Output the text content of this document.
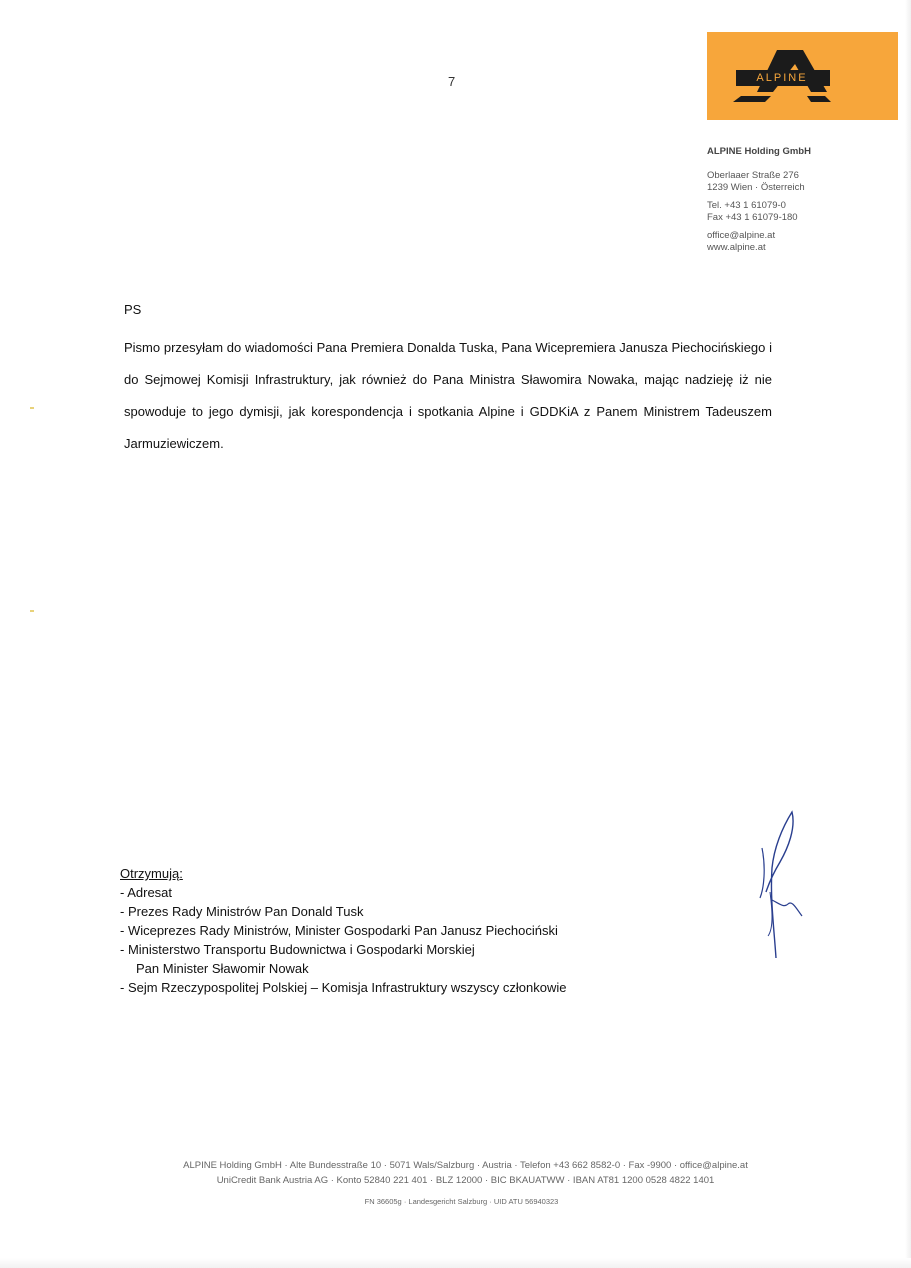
7	ALPINE
ALPINE Holding GmbH
Oberlaaer Straße 276
1239 Wien · Österreich
Tel. +43 1 61079-0
Fax +43 1 61079-180
office@alpine.at
www.alpine.at
PS
Pismo przesyłam do wiadomości Pana Premiera Donalda Tuska, Pana Wicepremiera Janusza Piechocińskiego i do Sejmowej Komisji Infrastruktury, jak również do Pana Ministra Sławomira Nowaka, mając nadzieję iż nie spowoduje to jego dymisji, jak korespondencja i spotkania Alpine i GDDKiA z Panem Ministrem Tadeuszem Jarmuziewiczem.
Otrzymują:
- Adresat
- Prezes Rady Ministrów Pan Donald Tusk
- Wiceprezes Rady Ministrów, Minister Gospodarki Pan Janusz Piechociński
- Ministerstwo Transportu Budownictwa i Gospodarki Morskiej
Pan Minister Sławomir Nowak
- Sejm Rzeczypospolitej Polskiej – Komisja Infrastruktury wszyscy członkowie
ALPINE Holding GmbH · Alte Bundesstraße 10 · 5071 Wals/Salzburg · Austria · Telefon +43 662 8582-0 · Fax -9900 · office@alpine.at
UniCredit Bank Austria AG · Konto 52840 221 401 · BLZ 12000 · BIC BKAUATWW · IBAN AT81 1200 0528 4822 1401
FN 36605g · Landesgericht Salzburg · UID ATU 56940323
